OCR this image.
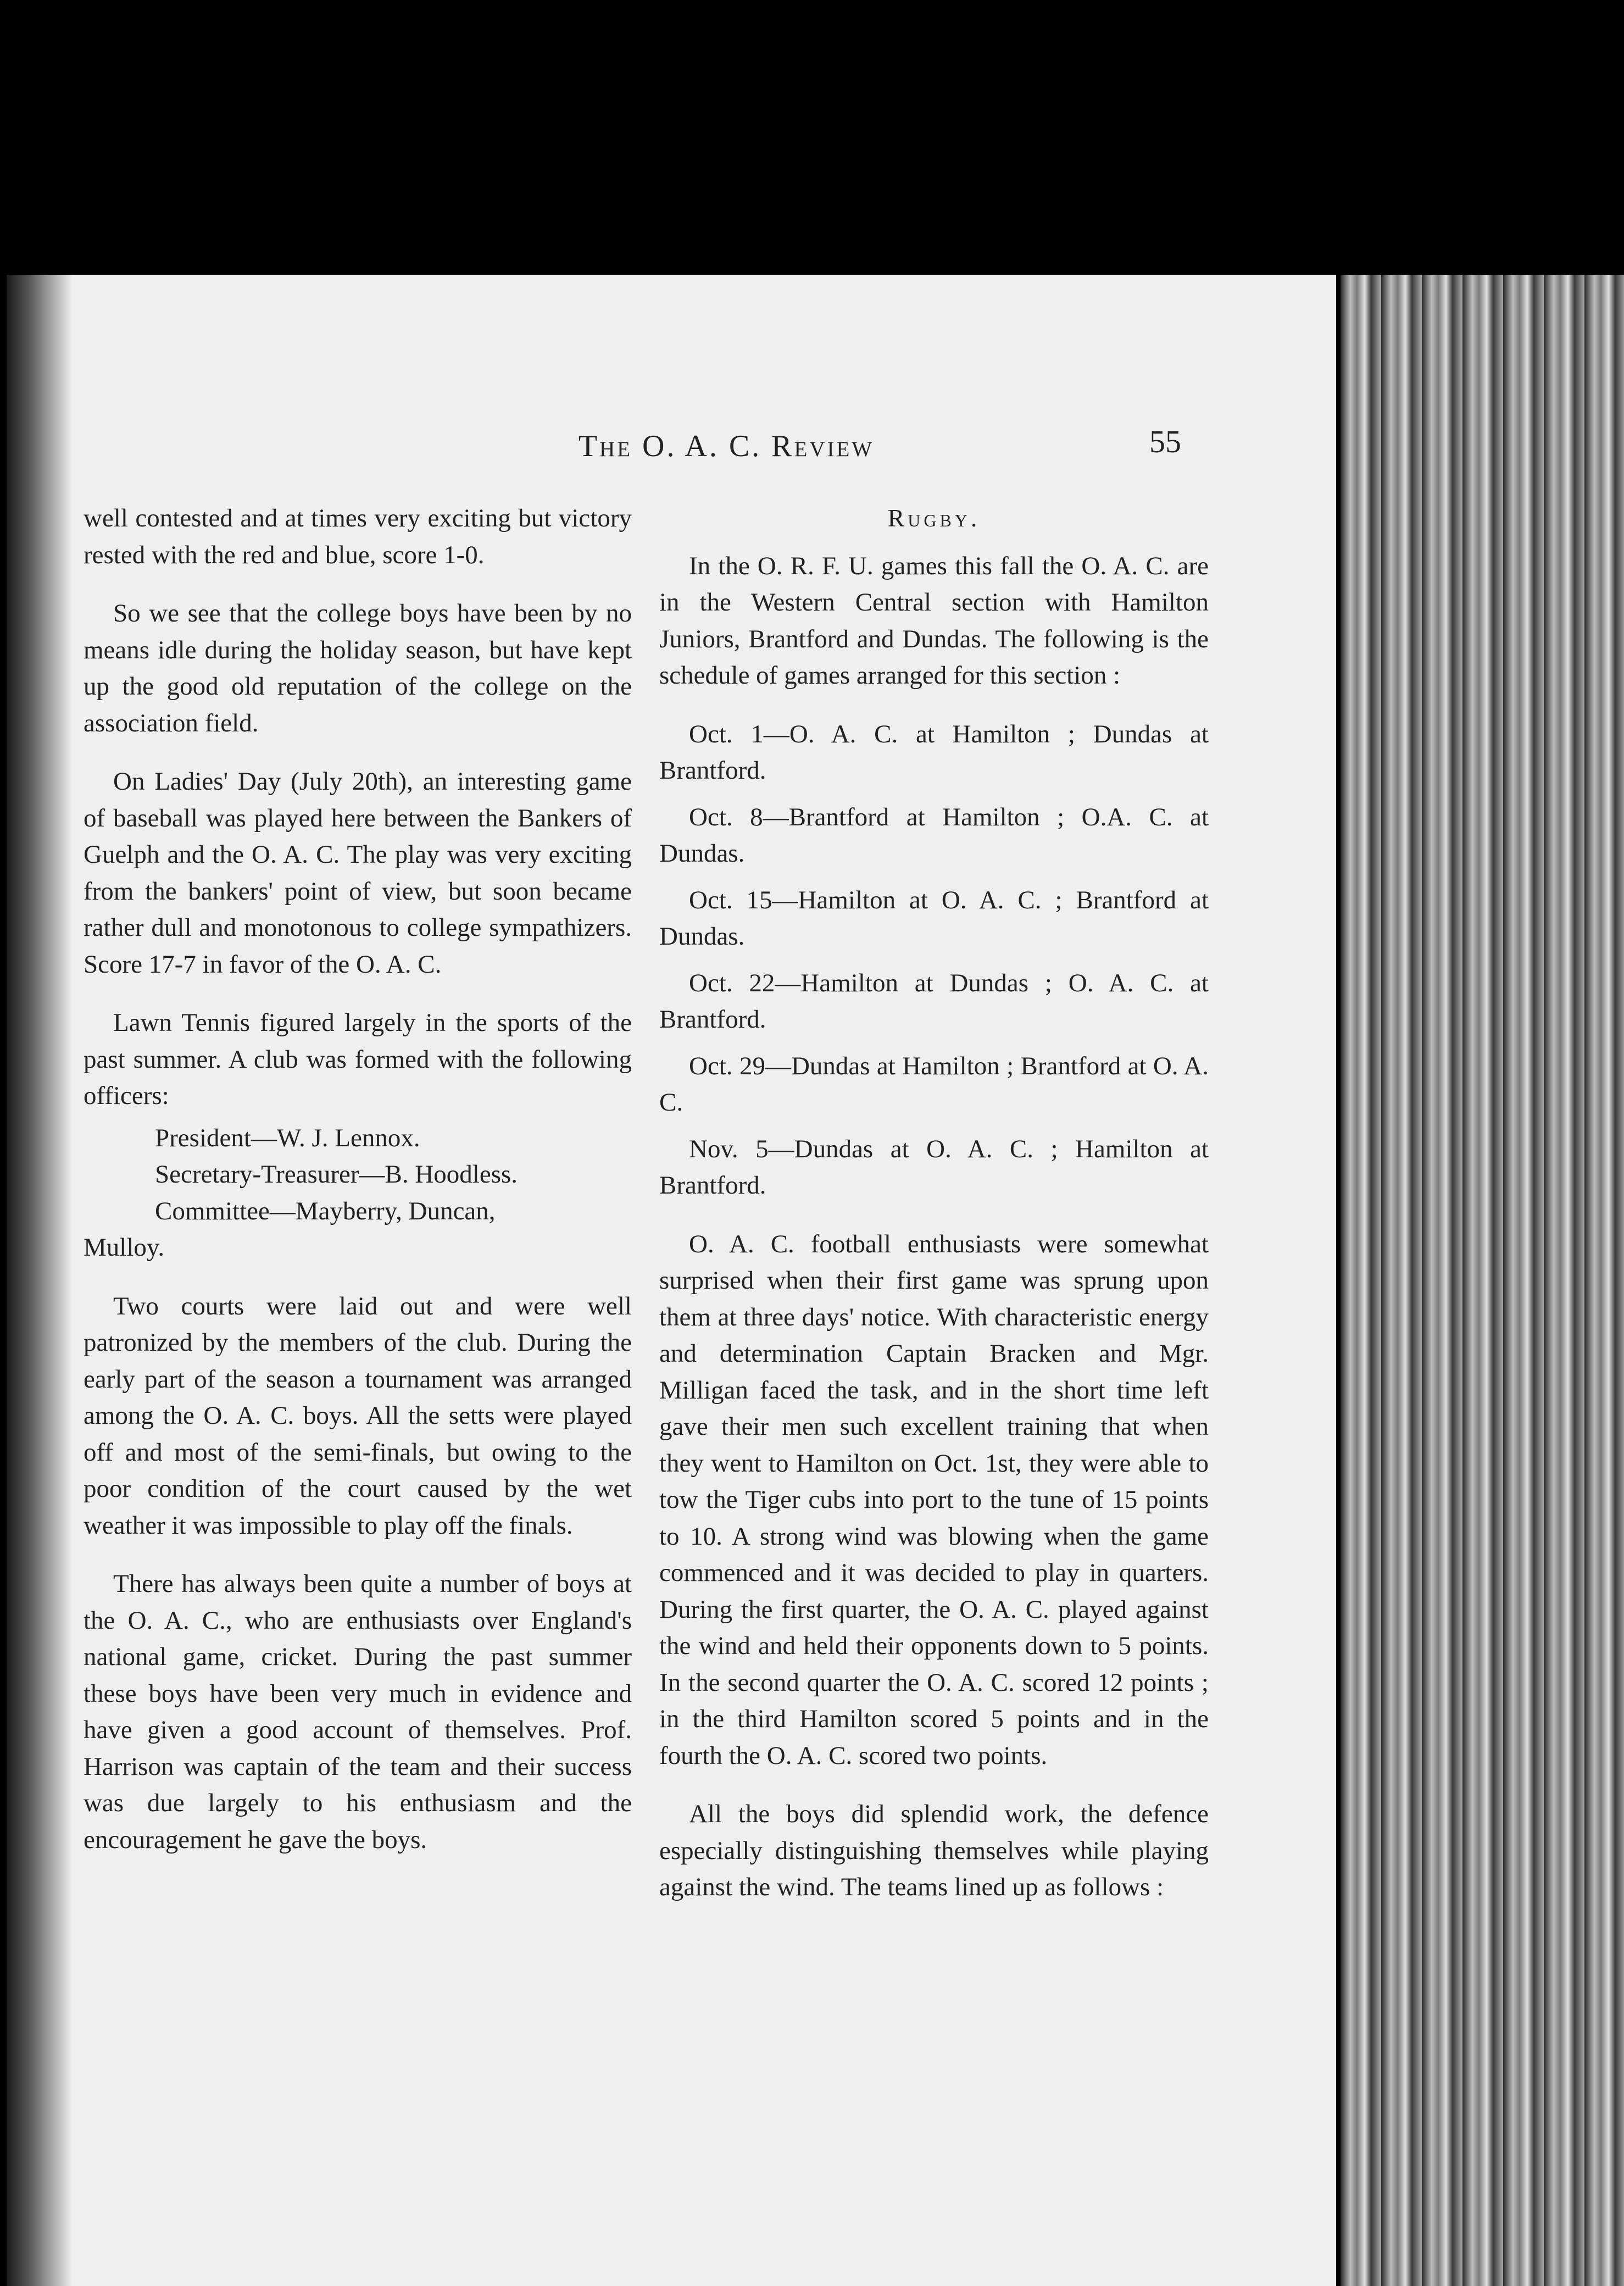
The O. A. C. Review	55

well contested and at times very exciting but victory rested with the red and blue, score 1-0.

So we see that the college boys have been by no means idle during the holiday season, but have kept up the good old reputation of the college on the association field.

On Ladies' Day (July 20th), an interesting game of baseball was played here between the Bankers of Guelph and the O. A. C. The play was very exciting from the bankers' point of view, but soon became rather dull and monotonous to college sympathizers. Score 17-7 in favor of the O. A. C.

Lawn Tennis figured largely in the sports of the past summer. A club was formed with the following officers:

President—W. J. Lennox.
Secretary-Treasurer—B. Hoodless.
Committee—Mayberry, Duncan,
Mulloy.

Two courts were laid out and were well patronized by the members of the club. During the early part of the season a tournament was arranged among the O. A. C. boys. All the setts were played off and most of the semi-finals, but owing to the poor condition of the court caused by the wet weather it was impossible to play off the finals.

There has always been quite a number of boys at the O. A. C., who are enthusiasts over England's national game, cricket. During the past summer these boys have been very much in evidence and have given a good account of themselves. Prof. Harrison was captain of the team and their success was due largely to his enthusiasm and the encouragement he gave the boys.

Rugby.

In the O. R. F. U. games this fall the O. A. C. are in the Western Central section with Hamilton Juniors, Brantford and Dundas. The following is the schedule of games arranged for this section :

Oct. 1—O. A. C. at Hamilton ; Dundas at Brantford.
Oct. 8—Brantford at Hamilton ; O.A. C. at Dundas.
Oct. 15—Hamilton at O. A. C. ; Brantford at Dundas.
Oct. 22—Hamilton at Dundas ; O. A. C. at Brantford.
Oct. 29—Dundas at Hamilton ; Brantford at O. A. C.
Nov. 5—Dundas at O. A. C. ; Hamilton at Brantford.

O. A. C. football enthusiasts were somewhat surprised when their first game was sprung upon them at three days' notice. With characteristic energy and determination Captain Bracken and Mgr. Milligan faced the task, and in the short time left gave their men such excellent training that when they went to Hamilton on Oct. 1st, they were able to tow the Tiger cubs into port to the tune of 15 points to 10. A strong wind was blowing when the game commenced and it was decided to play in quarters. During the first quarter, the O. A. C. played against the wind and held their opponents down to 5 points. In the second quarter the O. A. C. scored 12 points ; in the third Hamilton scored 5 points and in the fourth the O. A. C. scored two points.

All the boys did splendid work, the defence especially distinguishing themselves while playing against the wind. The teams lined up as follows :
